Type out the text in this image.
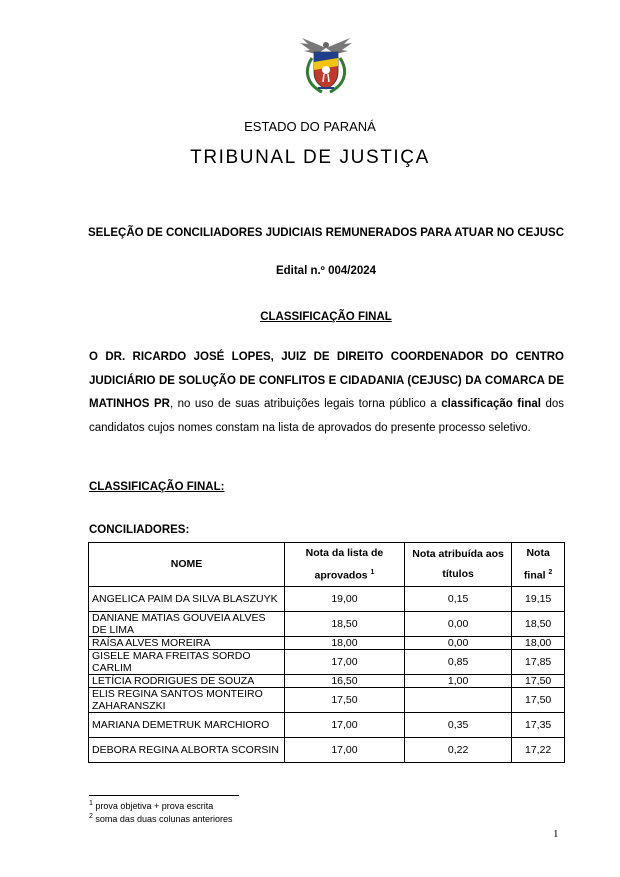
ESTADO DO PARANÁ
TRIBUNAL DE JUSTIÇA
SELEÇÃO DE CONCILIADORES JUDICIAIS REMUNERADOS PARA ATUAR NO CEJUSC
Edital n.º 004/2024
CLASSIFICAÇÃO FINAL
O DR. RICARDO JOSÉ LOPES, JUIZ DE DIREITO COORDENADOR DO CENTRO JUDICIÁRIO DE SOLUÇÃO DE CONFLITOS E CIDADANIA (CEJUSC) DA COMARCA DE MATINHOS PR, no uso de suas atribuições legais torna público a classificação final dos candidatos cujos nomes constam na lista de aprovados do presente processo seletivo.
CLASSIFICAÇÃO FINAL:
CONCILIADORES:
NOME	Nota da lista de aprovados $^1$	Nota atribuída aos títulos	Nota final $^2$
ANGELICA PAIM DA SILVA BLASZUYK	19,00	0,15	19,15
DANIANE MATIAS GOUVEIA ALVES DE LIMA	18,50	0,00	18,50
RAÍSA ALVES MOREIRA	18,00	0,00	18,00
GISELE MARA FREITAS SORDO CARLIM	17,00	0,85	17,85
LETÍCIA RODRIGUES DE SOUZA	16,50	1,00	17,50
ELIS REGINA SANTOS MONTEIRO ZAHARANSZKI	17,50		17,50
MARIANA DEMETRUK MARCHIORO	17,00	0,35	17,35
DEBORA REGINA ALBORTA SCORSIN	17,00	0,22	17,22
$^1$ prova objetiva + prova escrita
$^2$ soma das duas colunas anteriores
1
